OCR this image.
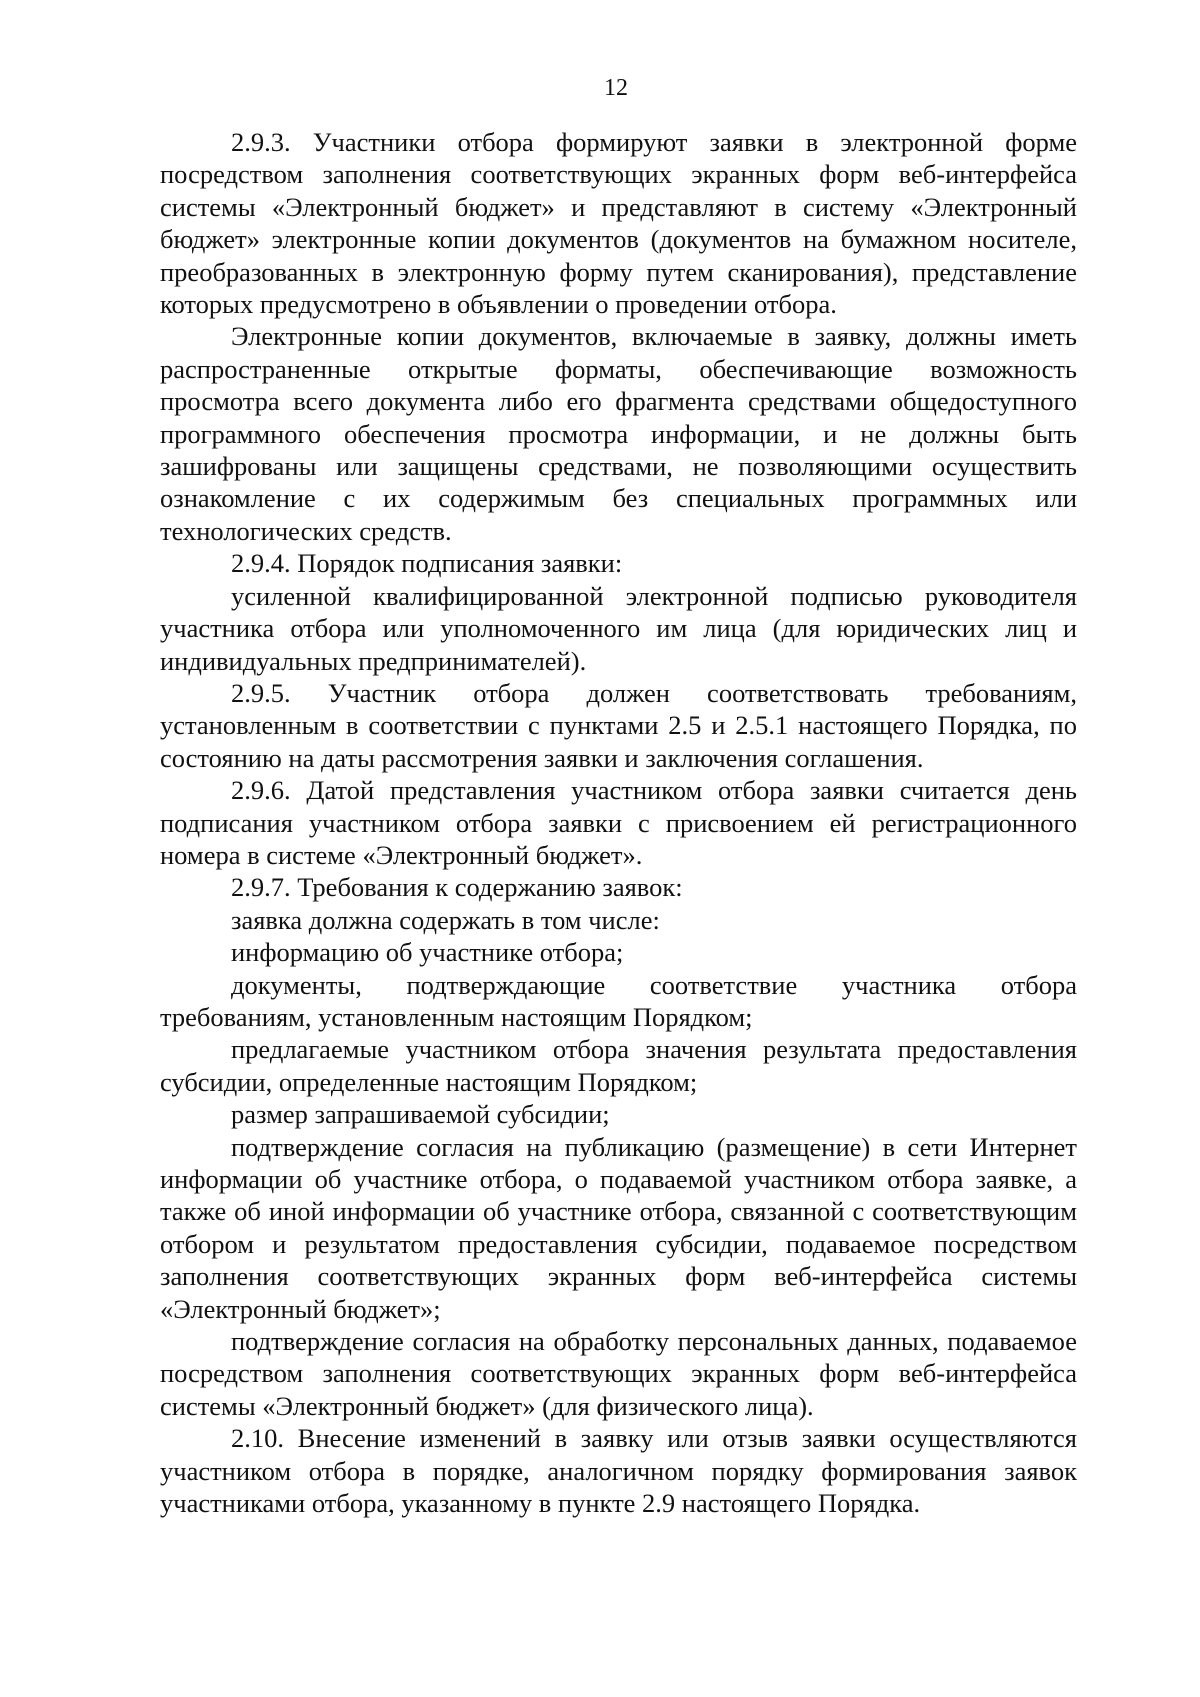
12

2.9.3. Участники отбора формируют заявки в электронной форме посредством заполнения соответствующих экранных форм веб-интерфейса системы «Электронный бюджет» и представляют в систему «Электронный бюджет» электронные копии документов (документов на бумажном носителе, преобразованных в электронную форму путем сканирования), представление которых предусмотрено в объявлении о проведении отбора.

Электронные копии документов, включаемые в заявку, должны иметь распространенные открытые форматы, обеспечивающие возможность просмотра всего документа либо его фрагмента средствами общедоступного программного обеспечения просмотра информации, и не должны быть зашифрованы или защищены средствами, не позволяющими осуществить ознакомление с их содержимым без специальных программных или технологических средств.

2.9.4. Порядок подписания заявки:

усиленной квалифицированной электронной подписью руководителя участника отбора или уполномоченного им лица (для юридических лиц и индивидуальных предпринимателей).

2.9.5. Участник отбора должен соответствовать требованиям, установленным в соответствии с пунктами 2.5 и 2.5.1 настоящего Порядка, по состоянию на даты рассмотрения заявки и заключения соглашения.

2.9.6. Датой представления участником отбора заявки считается день подписания участником отбора заявки с присвоением ей регистрационного номера в системе «Электронный бюджет».

2.9.7. Требования к содержанию заявок:

заявка должна содержать в том числе:

информацию об участнике отбора;

документы, подтверждающие соответствие участника отбора требованиям, установленным настоящим Порядком;

предлагаемые участником отбора значения результата предоставления субсидии, определенные настоящим Порядком;

размер запрашиваемой субсидии;

подтверждение согласия на публикацию (размещение) в сети Интернет информации об участнике отбора, о подаваемой участником отбора заявке, а также об иной информации об участнике отбора, связанной с соответствующим отбором и результатом предоставления субсидии, подаваемое посредством заполнения соответствующих экранных форм веб-интерфейса системы «Электронный бюджет»;

подтверждение согласия на обработку персональных данных, подаваемое посредством заполнения соответствующих экранных форм веб-интерфейса системы «Электронный бюджет» (для физического лица).

2.10. Внесение изменений в заявку или отзыв заявки осуществляются участником отбора в порядке, аналогичном порядку формирования заявок участниками отбора, указанному в пункте 2.9 настоящего Порядка.
